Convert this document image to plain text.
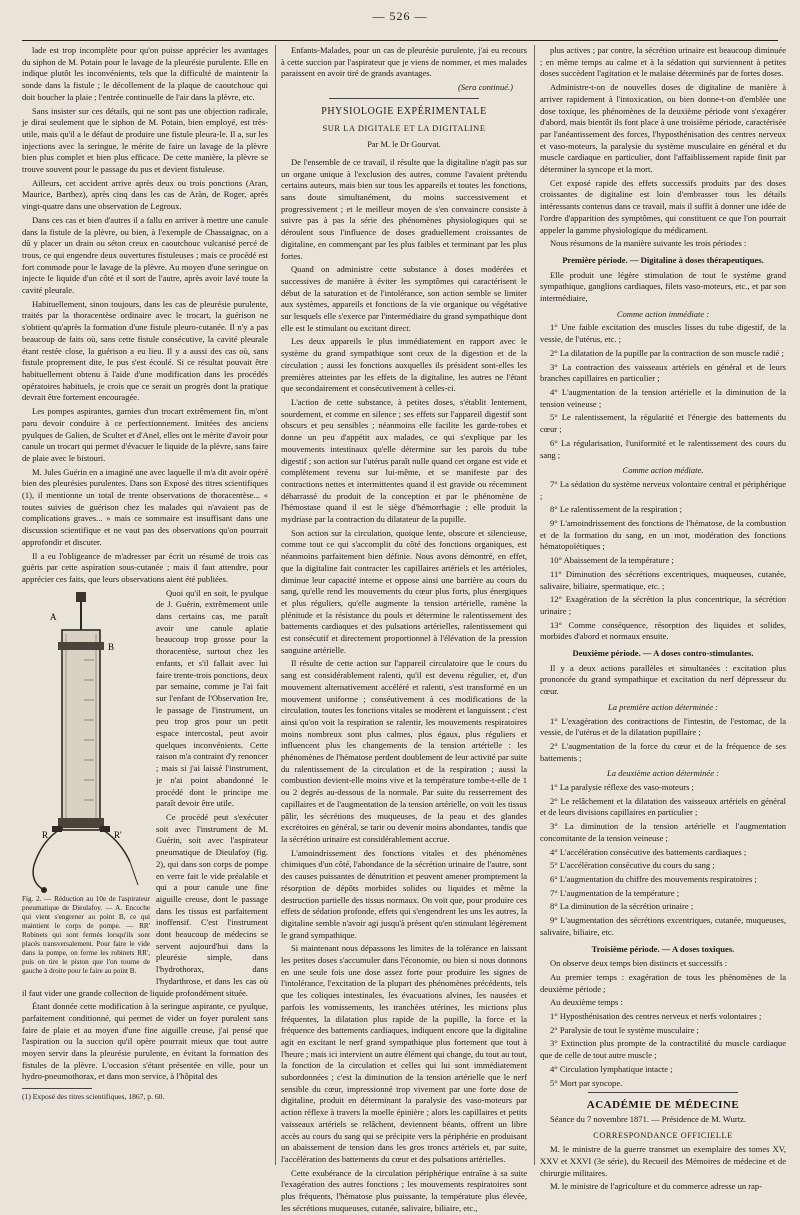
— 526 —

lade est trop incomplète pour qu'on puisse apprécier les avantages du siphon de M. Potain pour le lavage de la pleurésie purulente. Elle en indique plutôt les inconvénients, tels que la difficulté de maintenir la sonde dans la fistule ; le décollement de la plaque de caoutchouc qui doit boucher la plaie ; l'entrée continuelle de l'air dans la plèvre, etc.

Sans insister sur ces détails, qui ne sont pas une objection radicale, je dirai seulement que le siphon de M. Potain, bien employé, est très-utile, mais qu'il a le défaut de produire une fistule pleura-le. Il a, sur les injections avec la seringue, le mérite de faire un lavage de la plèvre bien plus complet et bien plus efficace. De cette manière, la plèvre se trouve souvent pour le passage du pus et devient fistuleuse.

Ailleurs, cet accident arrive après deux ou trois ponctions (Aran, Maurice, Barthez), après cinq dans les cas de Aràn, de Roger, après vingt-quatre dans une observation de Legroux.

Dans ces cas et bien d'autres il a fallu en arriver à mettre une canule dans la fistule de la plèvre, ou bien, à l'exemple de Chassaignac, on a dû y placer un drain ou séton creux en caoutchouc vulcanisé percé de trous, ce qui engendre deux ouvertures fistuleuses ; mais ce procédé est fort commode pour le lavage de la plèvre. Au moyen d'une seringue on injecte le liquide d'un côté et il sort de l'autre, après avoir lavé toute la cavité pleurale.

Habituellement, sinon toujours, dans les cas de pleurésie purulente, traités par la thoracentèse ordinaire avec le trocart, la guérison ne s'obtient qu'après la formation d'une fistule pleuro-cutanée. Il n'y a pas beaucoup de faits où, sans cette fistule consécutive, la cavité pleurale étant restée close, la guérison a eu lieu. Il y a aussi des cas où, sans fistule proprement dite, le pus s'est écoulé. Si ce résultat pouvait être habituellement obtenu à l'aide d'une modification dans les procédés opératoires habituels, je crois que ce serait un progrès dont la pratique devrait être fortement encouragée.

Les pompes aspirantes, garnies d'un trocart extrêmement fin, m'ont paru devoir conduire à ce perfectionnement. Imitées des anciens pyulques de Galien, de Scultet et d'Anel, elles ont le mérite d'avoir pour canule un trocart qui permet d'évacuer le liquide de la plèvre, sans faire de plaie avec le bistouri.

M. Jules Guérin en a imaginé une avec laquelle il m'a dit avoir opéré bien des pleurésies purulentes. Dans son Exposé des titres scientifiques (1), il mentionne un total de trente observations de thoracentèse... « toutes suivies de guérison chez les malades qui n'avaient pas de complications graves... » mais ce sommaire est insuffisant dans une discussion scientifique et ne vaut pas des observations qu'on pourrait approfondir et discuter.

Il a eu l'obligeance de m'adresser par écrit un résumé de trois cas guéris par cette aspiration sous-cutanée ; mais il faut attendre, pour apprécier ces faits, que leurs observations aient été publiées.

A
B
R	R'
Fig. 2. — Réduction au 10e de l'aspirateur pneumatique de Dieulafoy. — A. Encoche qui vient s'engrener au point B, ce qui maintient le corps de pompe. — RR' Robinets qui sont fermés lorsqu'ils sont placés transversalement. Pour faire le vide dans la pompe, on ferme les robinets RR', puis on tire le piston que l'on tourne de gauche à droite pour le faire au point B.

Quoi qu'il en soit, le pyulque de J. Guérin, extrêmement utile dans certains cas, me paraît avoir une canule aplatie beaucoup trop grosse pour la thoracentèse, surtout chez les enfants, et s'il fallait avec lui faire trente-trois ponctions, deux par semaine, comme je l'ai fait sur l'enfant de l'Observation Ire, le passage de l'instrument, un peu trop gros pour un petit espace intercostal, peut avoir quelques inconvénients. Cette raison m'a contraint d'y renoncer ; mais si j'ai laissé l'instrument, je n'ai point abandonné le procédé dont le principe me paraît devoir être utile.

Ce procédé peut s'exécuter soit avec l'instrument de M. Guérin, soit avec l'aspirateur pneumatique de Dieulafoy (fig. 2), qui dans son corps de pompe en verre fait le vide préalable et qui a pour canule une fine aiguille creuse, dont le passage dans les tissus est parfaitement inoffensif. C'est l'instrument dont beaucoup de médecins se servent aujourd'hui dans la pleurésie simple, dans l'hydrothorax, dans l'hydarthrose, et dans les cas où il faut vider une grande collection de liquide profondément située.

Étant donnée cette modification à la seringue aspirante, ce pyulque, parfaitement conditionné, qui permet de vider un foyer purulent sans faire de plaie et au moyen d'une fine aiguille creuse, j'ai pensé que l'aspiration ou la succion qu'il opère pourrait mieux que tout autre moyen servir dans la pleurésie purulente, en évitant la formation des fistules de la plèvre. L'occasion s'étant présentée en ville, pour un hydro-pneumothorax, et dans mon service, à l'hôpital des

(1) Exposé des titres scientifiques, 1867, p. 60.

Enfants-Malades, pour un cas de pleurésie purulente, j'ai eu recours à cette succion par l'aspirateur que je viens de nommer, et mes malades paraissent en avoir tiré de grands avantages.

(Sera continué.)
PHYSIOLOGIE EXPÉRIMENTALE
SUR LA DIGITALE ET LA DIGITALINE
Par M. le Dr Gourvat.

De l'ensemble de ce travail, il résulte que la digitaline n'agit pas sur un organe unique à l'exclusion des autres, comme l'avaient prétendu certains auteurs, mais bien sur tous les appareils et toutes les fonctions, sans doute simultanément, du moins successivement et progressivement ; et le meilleur moyen de s'en convaincre consiste à suivre pas à pas la série des phénomènes physiologiques qui se déroulent sous l'influence de doses graduellement croissantes de digitaline, en commençant par les plus faibles et terminant par les plus fortes.

Quand on administre cette substance à doses modérées et successives de manière à éviter les symptômes qui caractérisent le début de la saturation et de l'intolérance, son action semble se limiter aux systèmes, appareils et fonctions de la vie organique ou végétative sur lesquels elle s'exerce par l'intermédiaire du grand sympathique dont elle est le stimulant ou excitant direct.

Les deux appareils le plus immédiatement en rapport avec le système du grand sympathique sont ceux de la digestion et de la circulation ; aussi les fonctions auxquelles ils président sont-elles les premières atteintes par les effets de la digitaline, les autres ne l'étant que secondairement et consécutivement à celles-ci.

L'action de cette substance, à petites doses, s'établit lentement, sourdement, et comme en silence ; ses effets sur l'appareil digestif sont obscurs et peu sensibles ; néanmoins elle facilite les garde-robes et donne un peu d'appétit aux malades, ce qui s'explique par les mouvements intestinaux qu'elle détermine sur les parois du tube digestif ; son action sur l'utérus paraît nulle quand cet organe est vide et complètement revenu sur lui-même, et se manifeste par des contractions nettes et intermittentes quand il est gravide ou récemment débarrassé du produit de la conception et par le phénomène de l'hémostase quand il est le siège d'hémorrhagie ; elle produit la mydriase par la contraction du dilatateur de la pupille.

Son action sur la circulation, quoique lente, obscure et silencieuse, comme tout ce qui s'accomplit du côté des fonctions organiques, est néanmoins parfaitement bien définie. Nous avons démontré, en effet, que la digitaline fait contracter les capillaires artériels et les artérioles, diminue leur capacité interne et oppose ainsi une barrière au cours du sang, qu'elle rend les mouvements du cœur plus forts, plus énergiques et plus réguliers, qu'elle augmente la tension artérielle, ramène la plénitude et la résistance du pouls et détermine le ralentissement des battements cardiaques et des pulsations artérielles, ralentissement qui est consécutif et directement proportionnel à l'élévation de la pression sanguine artérielle.

Il résulte de cette action sur l'appareil circulatoire que le cours du sang est considérablement ralenti, qu'il est devenu régulier, et, d'un mouvement alternativement accéléré et ralenti, s'est transformé en un mouvement uniforme ; conséutivement à ces modifications de la circulation, toutes les fonctions vitales se modèrent et languissent ; c'est ainsi qu'on voit la respiration se ralentir, les mouvements respiratoires moins nombreux sont plus calmes, plus égaux, plus réguliers et influencent plus les changements de la tension artérielle : les phénomènes de l'hématose perdent doublement de leur activité par suite du ralentissement de la circulation et de la respiration ; aussi la combustion devient-elle moins vive et la température tombe-t-elle de 1 ou 2 degrés au-dessous de la normale. Par suite du resserrement des capillaires et de l'augmentation de la tension artérielle, on voit les tissus pâlir, les sécrétions des muqueuses, de la peau et des glandes excrétoires en général, se tarir ou devenir moins abondantes, tandis que la sécrétion urinaire est considérablement accrue.

L'amoindrissement des fonctions vitales et des phénomènes chimiques d'un côté, l'abondance de la sécrétion urinaire de l'autre, sont des causes puissantes de dénutrition et peuvent amener promptement la résorption de dépôts morbides solides ou liquides et même la destruction partielle des tissus normaux. On voit que, pour produire ces effets de sédation profonde, effets qui s'engendrent les uns les autres, la digitaline semble n'avoir agi jusqu'à présent qu'en stimulant légèrement le grand sympathique.

Si maintenant nous dépassons les limites de la tolérance en laissant les petites doses s'accumuler dans l'économie, ou bien si nous donnons en une seule fois une dose assez forte pour produire les signes de l'intolérance, l'excitation de la plupart des phénomènes précédents, tels que les coliques intestinales, les évacuations alvines, les nausées et parfois les vomissements, les tranchées utérines, les mictions plus fréquentes, la dilatation plus rapide de la pupille, la force et la fréquence des battements cardiaques, indiquent encore que la digitaline agit en excitant le nerf grand sympathique plus fortement que tout à l'heure ; mais ici intervient un autre élément qui change, du tout au tout, la fonction de la circulation et celles qui lui sont immédiatement subordonnées ; c'est la diminution de la tension artérielle que le nerf sensible du cœur, impressionné trop vivement par une forte dose de digitaline, produit en déterminant la paralysie des vaso-moteurs par action réflexe à travers la moelle épinière ; alors les capillaires et petits vaisseaux artériels se relâchent, deviennent béants, offrent un libre accès au cours du sang qui se précipite vers la périphérie en produisant un abaissement de tension dans les gros troncs artériels et, par suite, l'accélération des battements du cœur et des pulsations artérielles.

Cette exubérance de la circulation périphérique entraîne à sa suite l'exagération des autres fonctions ; les mouvements respiratoires sont plus fréquents, l'hématose plus puissante, la température plus élevée, les sécrétions muqueuses, cutanée, salivaire, biliaire, etc.,

plus actives ; par contre, la sécrétion urinaire est beaucoup diminuée ; en même temps au calme et à la sédation qui surviennent à petites doses succèdent l'agitation et le malaise déterminés par de fortes doses.

Administre-t-on de nouvelles doses de digitaline de manière à arriver rapidement à l'intoxication, ou bien donne-t-on d'emblée une dose toxique, les phénomènes de la deuxième période vont s'exagérer d'abord, mais bientôt ils font place à une troisième période, caractérisée par l'anéantissement des forces, l'hyposthénisation des centres nerveux et vaso-moteurs, la paralysie du système musculaire en général et du muscle cardiaque en particulier, dont l'affaiblissement rapide finit par déterminer la syncope et la mort.

Cet exposé rapide des effets successifs produits par des doses croissantes de digitaline est loin d'embrasser tous les détails intéressants contenus dans ce travail, mais il suffit à donner une idée de l'ordre d'apparition des symptômes, qui constituent ce que l'on pourrait appeler la gamme physiologique du médicament.

Nous résumons de la manière suivante les trois périodes :

Première période. — Digitaline à doses thérapeutiques.

Elle produit une légère stimulation de tout le système grand sympathique, ganglions cardiaques, filets vaso-moteurs, etc., et par son intermédiaire,

Comme action immédiate :

1° Une faible excitation des muscles lisses du tube digestif, de la vessie, de l'utérus, etc. ;

2° La dilatation de la pupille par la contraction de son muscle radié ;

3° La contraction des vaisseaux artériels en général et de leurs branches capillaires en particulier ;

4° L'augmentation de la tension artérielle et la diminution de la tension veineuse ;

5° Le ralentissement, la régularité et l'énergie des battements du cœur ;

6° La régularisation, l'uniformité et le ralentissement des cours du sang ;

Comme action médiate.

7° La sédation du système nerveux volontaire central et périphérique ;

8° Le ralentissement de la respiration ;

9° L'amoindrissement des fonctions de l'hématose, de la combustion et de la formation du sang, en un mot, modération des fonctions hématopoïétiques ;

10° Abaissement de la température ;

11° Diminution des sécrétions excentriques, muqueuses, cutanée, salivaire, biliaire, spermatique, etc. ;

12° Exagération de la sécrétion la plus concentrique, la sécrétion urinaire ;

13° Comme conséquence, résorption des liquides et solides, morbides d'abord et normaux ensuite.

Deuxième période. — A doses contro-stimulantes.

Il y a deux actions parallèles et simultanées : excitation plus prononcée du grand sympathique et excitation du nerf dépresseur du cœur.

La première action déterminée :

1° L'exagération des contractions de l'intestin, de l'estomac, de la vessie, de l'utérus et de la dilatation pupillaire ;

2° L'augmentation de la force du cœur et de la fréquence de ses battements ;

La deuxième action déterminée :

1° La paralysie réflexe des vaso-moteurs ;

2° Le relâchement et la dilatation des vaisseaux artériels en général et de leurs divisions capillaires en particulier ;

3° La diminution de la tension artérielle et l'augmentation concomitante de la tension veineuse ;

4° L'accélération consécutive des battements cardiaques ;

5° L'accélération consécutive du cours du sang ;

6° L'augmentation du chiffre des mouvements respiratoires ;

7° L'augmentation de la température ;

8° La diminution de la sécrétion urinaire ;

9° L'augmentation des sécrétions excentriques, cutanée, muqueuses, salivaire, biliaire, etc.

Troisième période. — A doses toxiques.

On observe deux temps bien distincts et successifs :

Au premier temps : exagération de tous les phénomènes de la deuxième période ;

Au deuxième temps :

1° Hyposthénisation des centres nerveux et nerfs volontaires ;

2° Paralysie de tout le système musculaire ;

3° Extinction plus prompte de la contractilité du muscle cardiaque que de celle de tout autre muscle ;

4° Circulation lymphatique intacte ;

5° Mort par syncope.

ACADÉMIE DE MÉDECINE

Séance du 7 novembre 1871. — Présidence de M. Wurtz.

CORRESPONDANCE OFFICIELLE

M. le ministre de la guerre transmet un exemplaire des tomes XV, XXV et XXVI (3e série), du Recueil des Mémoires de médecine et de chirurgie militaires.

M. le ministre de l'agriculture et du commerce adresse un rap-
